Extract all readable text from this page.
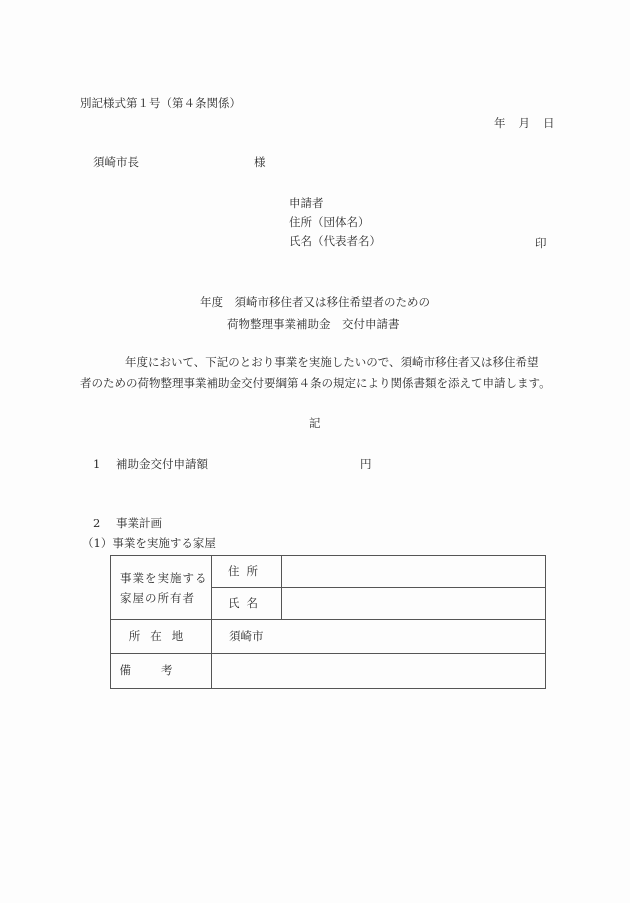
別記様式第１号（第４条関係）
年 月 日
須崎市長	様
申請者
住所（団体名）
氏名（代表者名）	印
年度　須崎市移住者又は移住希望者のための
荷物整理事業補助金　交付申請書
年度において、下記のとおり事業を実施したいので、須崎市移住者又は移住希望
者のための荷物整理事業補助金交付要綱第４条の規定により関係書類を添えて申請します。
記
1 補助金交付申請額	円
2 事業計画
（1）事業を実施する家屋
事業を実施する
家屋の所有者	住所	
	氏名	
所在地	須崎市	
備考		
